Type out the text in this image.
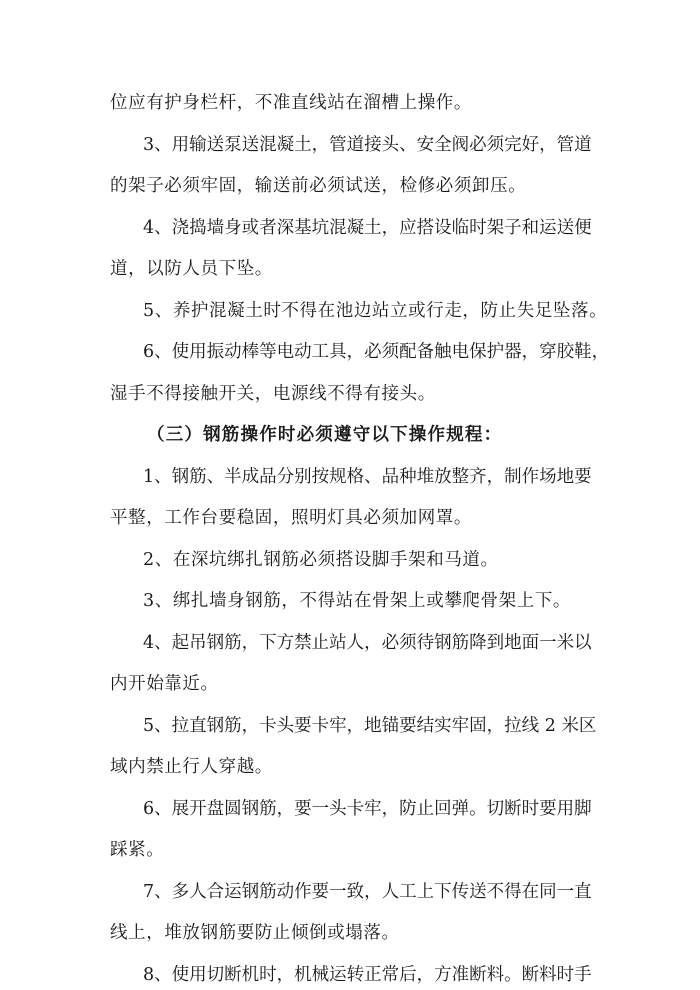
位应有护身栏杆，不准直线站在溜槽上操作。
3、用输送泵送混凝土，管道接头、安全阀必须完好，管道
的架子必须牢固，输送前必须试送，检修必须卸压。
4、浇捣墙身或者深基坑混凝土，应搭设临时架子和运送便
道，以防人员下坠。
5、养护混凝土时不得在池边站立或行走，防止失足坠落。
6、使用振动棒等电动工具，必须配备触电保护器，穿胶鞋，
湿手不得接触开关，电源线不得有接头。
（三）钢筋操作时必须遵守以下操作规程：
1、钢筋、半成品分别按规格、品种堆放整齐，制作场地要
平整，工作台要稳固，照明灯具必须加网罩。
2、在深坑绑扎钢筋必须搭设脚手架和马道。
3、绑扎墙身钢筋，不得站在骨架上或攀爬骨架上下。
4、起吊钢筋，下方禁止站人，必须待钢筋降到地面一米以
内开始靠近。
5、拉直钢筋，卡头要卡牢，地锚要结实牢固，拉线 2 米区
域内禁止行人穿越。
6、展开盘圆钢筋，要一头卡牢，防止回弹。切断时要用脚
踩紧。
7、多人合运钢筋动作要一致，人工上下传送不得在同一直
线上，堆放钢筋要防止倾倒或塌落。
8、使用切断机时，机械运转正常后，方准断料。断料时手
